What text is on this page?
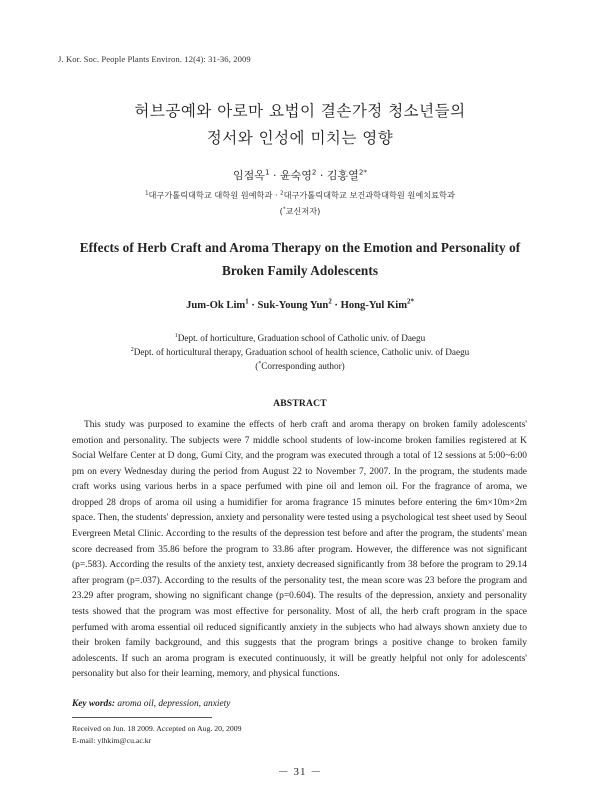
J. Kor. Soc. People Plants Environ. 12(4): 31-36, 2009
허브공예와 아로마 요법이 결손가정 청소년들의
정서와 인성에 미치는 영향
임점옥$^1$ · 윤숙영$^2$ · 김홍열$^{2*}$
$^1$대구가톨릭대학교 대학원 원예학과 · $^2$대구가톨릭대학교 보건과학대학원 원예치료학과
(*교신저자)
Effects of Herb Craft and Aroma Therapy on the Emotion and Personality of
Broken Family Adolescents
Jum-Ok Lim$^1$ · Suk-Young Yun$^2$ · Hong-Yul Kim$^{2*}$
$^1$Dept. of horticulture, Graduation school of Catholic univ. of Daegu
$^2$Dept. of horticultural therapy, Graduation school of health science, Catholic univ. of Daegu
(*Corresponding author)
ABSTRACT

This study was purposed to examine the effects of herb craft and aroma therapy on broken family adolescents' emotion and personality. The subjects were 7 middle school students of low-income broken families registered at K Social Welfare Center at D dong, Gumi City, and the program was executed through a total of 12 sessions at 5:00~6:00 pm on every Wednesday during the period from August 22 to November 7, 2007. In the program, the students made craft works using various herbs in a space perfumed with pine oil and lemon oil. For the fragrance of aroma, we dropped 28 drops of aroma oil using a humidifier for aroma fragrance 15 minutes before entering the 6m×10m×2m space. Then, the students' depression, anxiety and personality were tested using a psychological test sheet used by Seoul Evergreen Metal Clinic. According to the results of the depression test before and after the program, the students' mean score decreased from 35.86 before the program to 33.86 after program. However, the difference was not significant (p=.583). According the results of the anxiety test, anxiety decreased significantly from 38 before the program to 29.14 after program (p=.037). According to the results of the personality test, the mean score was 23 before the program and 23.29 after program, showing no significant change (p=0.604). The results of the depression, anxiety and personality tests showed that the program was most effective for personality. Most of all, the herb craft program in the space perfumed with aroma essential oil reduced significantly anxiety in the subjects who had always shown anxiety due to their broken family background, and this suggests that the program brings a positive change to broken family adolescents. If such an aroma program is executed continuously, it will be greatly helpful not only for adolescents' personality but also for their learning, memory, and physical functions.

Key words: aroma oil, depression, anxiety
Received on Jun. 18 2009. Accepted on Aug. 20, 2009
E-mail: ylhkim@cu.ac.kr
－ 31 －
